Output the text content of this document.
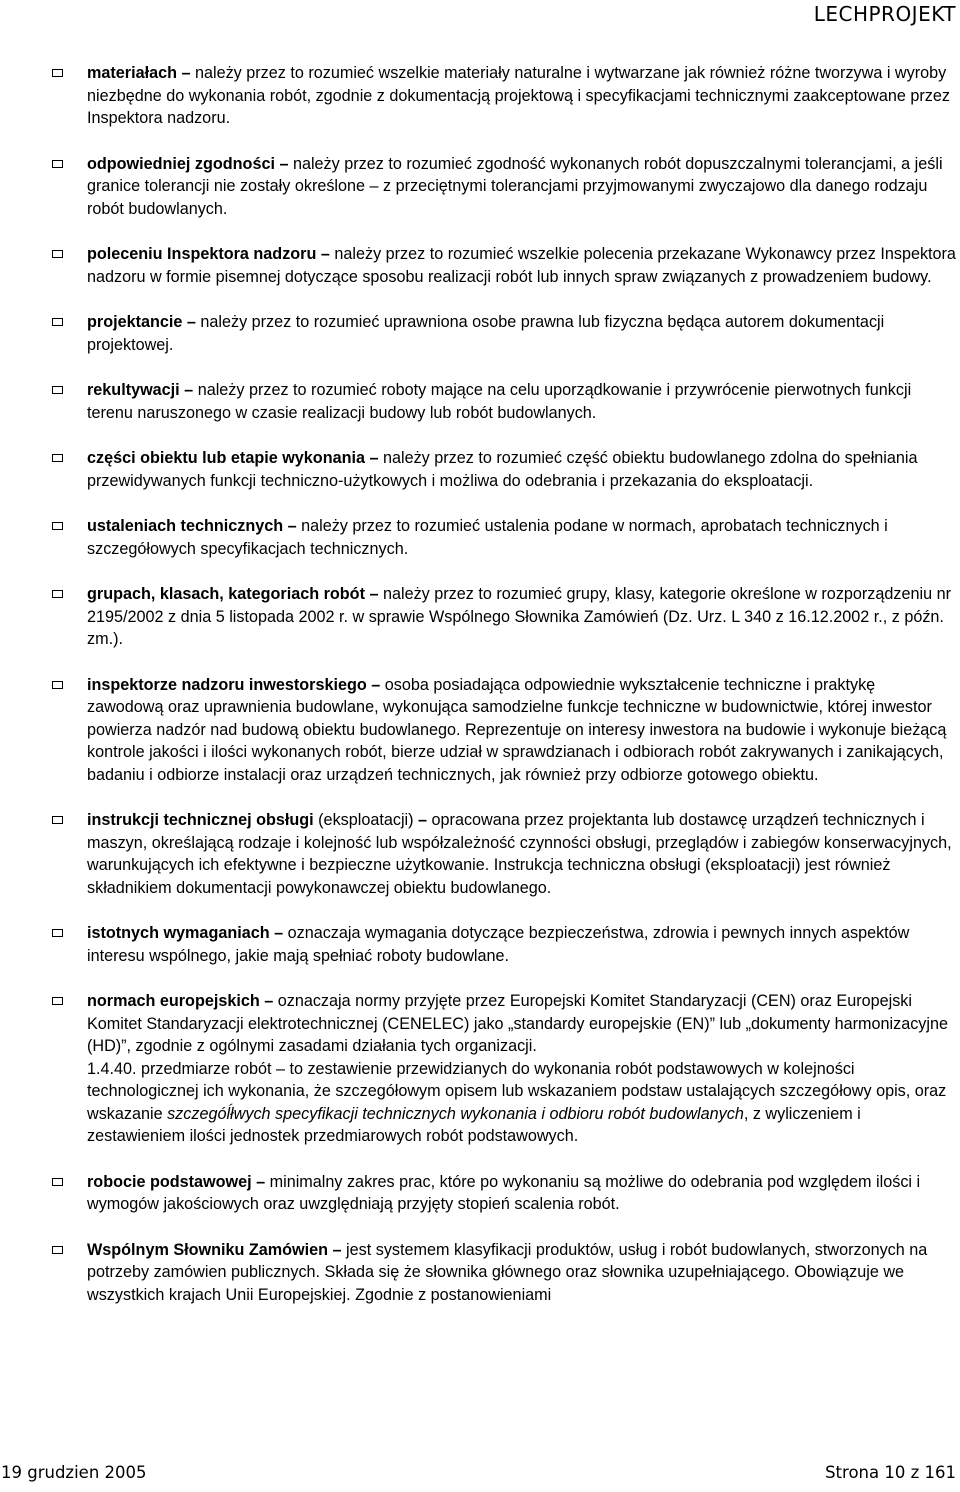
LECHPROJEKT
materiałach – należy przez to rozumieć wszelkie materiały naturalne i wytwarzane jak również różne tworzywa i wyroby niezbędne do wykonania robót, zgodnie z dokumentacją projektową i specyfikacjami technicznymi zaakceptowane przez Inspektora nadzoru.
odpowiedniej zgodności – należy przez to rozumieć zgodność wykonanych robót dopuszczalnymi tolerancjami, a jeśli granice tolerancji nie zostały określone – z przeciętnymi tolerancjami przyjmowanymi zwyczajowo dla danego rodzaju robót budowlanych.
poleceniu Inspektora nadzoru – należy przez to rozumieć wszelkie polecenia przekazane Wykonawcy przez Inspektora nadzoru w formie pisemnej dotyczące sposobu realizacji robót lub innych spraw związanych z prowadzeniem budowy.
projektancie – należy przez to rozumieć uprawniona osobe prawna lub fizyczna będąca autorem dokumentacji projektowej.
rekultywacji – należy przez to rozumieć roboty mające na celu uporządkowanie i przywrócenie pierwotnych funkcji terenu naruszonego w czasie realizacji budowy lub robót budowlanych.
części obiektu lub etapie wykonania – należy przez to rozumieć część obiektu budowlanego zdolna do spełniania przewidywanych funkcji techniczno-użytkowych i możliwa do odebrania i przekazania do eksploatacji.
ustaleniach technicznych – należy przez to rozumieć ustalenia podane w normach, aprobatach technicznych i szczegółowych specyfikacjach technicznych.
grupach, klasach, kategoriach robót – należy przez to rozumieć grupy, klasy, kategorie określone w rozporządzeniu nr 2195/2002 z dnia 5 listopada 2002 r. w sprawie Wspólnego Słownika Zamówień (Dz. Urz. L 340 z 16.12.2002 r., z późn. zm.).
inspektorze nadzoru inwestorskiego – osoba posiadająca odpowiednie wykształcenie techniczne i praktykę zawodową oraz uprawnienia budowlane, wykonująca samodzielne funkcje techniczne w budownictwie, której inwestor powierza nadzór nad budową obiektu budowlanego. Reprezentuje on interesy inwestora na budowie i wykonuje bieżącą kontrole jakości i ilości wykonanych robót, bierze udział w sprawdzianach i odbiorach robót zakrywanych i zanikających, badaniu i odbiorze instalacji oraz urządzeń technicznych, jak również przy odbiorze gotowego obiektu.
instrukcji technicznej obsługi (eksploatacji) – opracowana przez projektanta lub dostawcę urządzeń technicznych i maszyn, określającą rodzaje i kolejność lub współzależność czynności obsługi, przeglądów i zabiegów konserwacyjnych, warunkujących ich efektywne i bezpieczne użytkowanie. Instrukcja techniczna obsługi (eksploatacji) jest również składnikiem dokumentacji powykonawczej obiektu budowlanego.
istotnych wymaganiach – oznaczaja wymagania dotyczące bezpieczeństwa, zdrowia i pewnych innych aspektów interesu wspólnego, jakie mają spełniać roboty budowlane.
normach europejskich – oznaczaja normy przyjęte przez Europejski Komitet Standaryzacji (CEN) oraz Europejski Komitet Standaryzacji elektrotechnicznej (CENELEC) jako „standardy europejskie (EN)” lub „dokumenty harmonizacyjne (HD)”, zgodnie z ogólnymi zasadami działania tych organizacji.

1.4.40. przedmiarze robót – to zestawienie przewidzianych do wykonania robót podstawowych w kolejności technologicznej ich wykonania, że szczegółowym opisem lub wskazaniem podstaw ustalających szczegółowy opis, oraz wskazanie szczegóĺłwych specyfikacji technicznych wykonania i odbioru robót budowlanych, z wyliczeniem i zestawieniem ilości jednostek przedmiarowych robót podstawowych.

robocie podstawowej – minimalny zakres prac, które po wykonaniu są możliwe do odebrania pod względem ilości i wymogów jakościowych oraz uwzględniają przyjęty stopień scalenia robót.
Wspólnym Słowniku Zamówien – jest systemem klasyfikacji produktów, usług i robót budowlanych, stworzonych na potrzeby zamówien publicznych. Składa się że słownika głównego oraz słownika uzupełniającego. Obowiązuje we wszystkich krajach Unii Europejskiej. Zgodnie z postanowieniami
19 grudzien 2005	Strona 10 z 161
